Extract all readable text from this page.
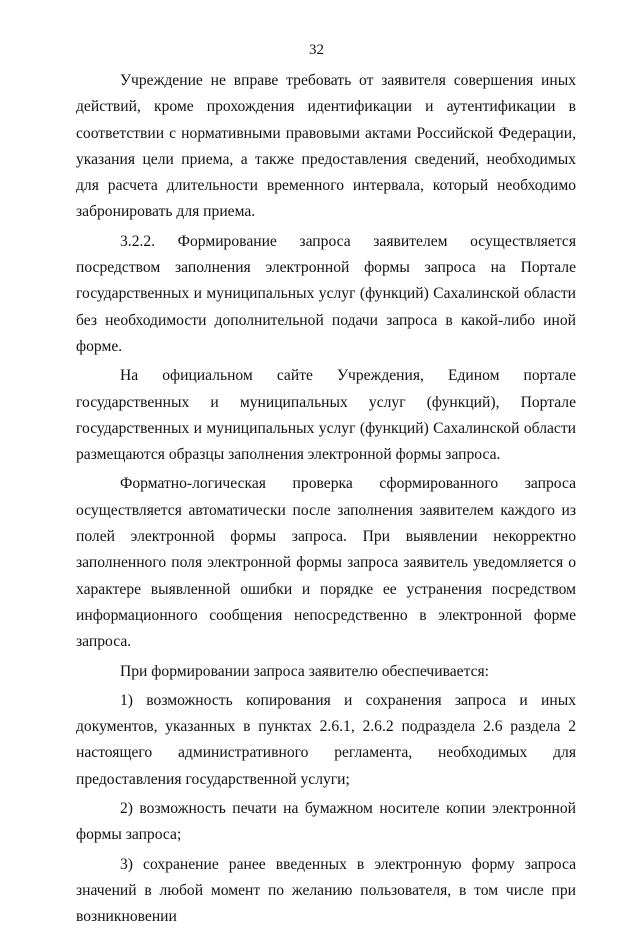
32

Учреждение не вправе требовать от заявителя совершения иных действий, кроме прохождения идентификации и аутентификации в соответствии с нормативными правовыми актами Российской Федерации, указания цели приема, а также предоставления сведений, необходимых для расчета длительности временного интервала, который необходимо забронировать для приема.

3.2.2. Формирование запроса заявителем осуществляется посредством заполнения электронной формы запроса на Портале государственных и муниципальных услуг (функций) Сахалинской области без необходимости дополнительной подачи запроса в какой-либо иной форме.

На официальном сайте Учреждения, Едином портале государственных и муниципальных услуг (функций), Портале государственных и муниципальных услуг (функций) Сахалинской области размещаются образцы заполнения электронной формы запроса.

Форматно-логическая проверка сформированного запроса осуществляется автоматически после заполнения заявителем каждого из полей электронной формы запроса. При выявлении некорректно заполненного поля электронной формы запроса заявитель уведомляется о характере выявленной ошибки и порядке ее устранения посредством информационного сообщения непосредственно в электронной форме запроса.

При формировании запроса заявителю обеспечивается:

1) возможность копирования и сохранения запроса и иных документов, указанных в пунктах 2.6.1, 2.6.2 подраздела 2.6 раздела 2 настоящего административного регламента, необходимых для предоставления государственной услуги;

2) возможность печати на бумажном носителе копии электронной формы запроса;

3) сохранение ранее введенных в электронную форму запроса значений в любой момент по желанию пользователя, в том числе при возникновении
